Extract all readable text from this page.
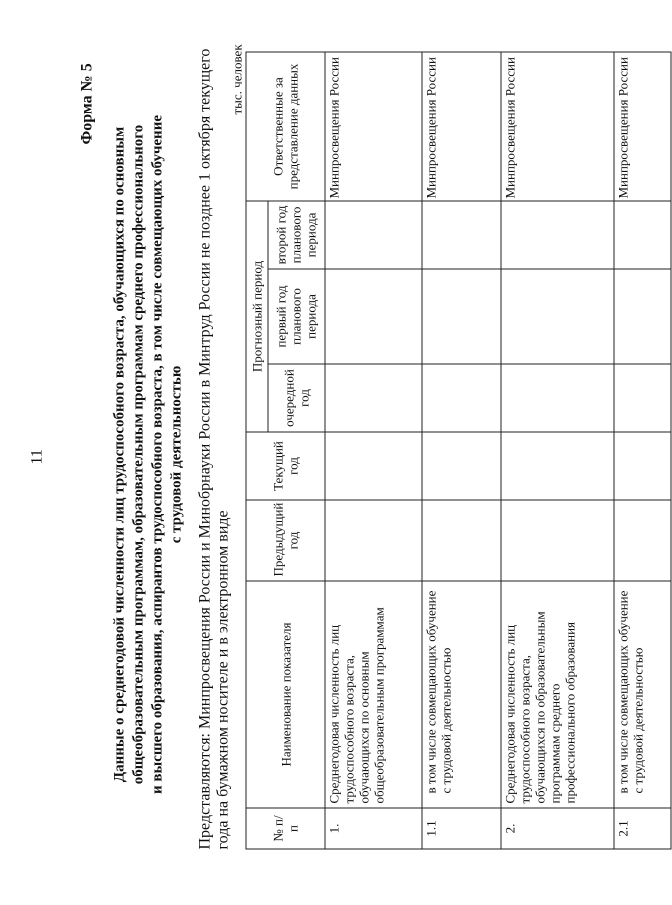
11
Форма № 5
Данные о среднегодовой численности лиц трудоспособного возраста, обучающихся по основным общеобразовательным программам, образовательным программам среднего профессионального и высшего образования, аспирантов трудоспособного возраста, в том числе совмещающих обучение с трудовой деятельностью Представляются: Минпросвещения России и Минобрнауки России в Минтруд России не позднее 1 октября текущего года на бумажном носителе и в электронном виде
тыс. человек
№ п/п	Наименование показателя	Предыдущий год	Текущий год	Прогнозный период			Ответственные за представление данных
				очередной год	первый год планового периода	второй год планового периода	
1.	Среднегодовая численность лиц трудоспособного возраста, обучающихся по основным общеобразовательным программам						Минпросвещения России
1.1	в том числе совмещающих обучение с трудовой деятельностью						Минпросвещения России
2.	Среднегодовая численность лиц трудоспособного возраста, обучающихся по образовательным программам среднего профессионального образования						Минпросвещения России
2.1	в том числе совмещающих обучение с трудовой деятельностью						Минпросвещения России
